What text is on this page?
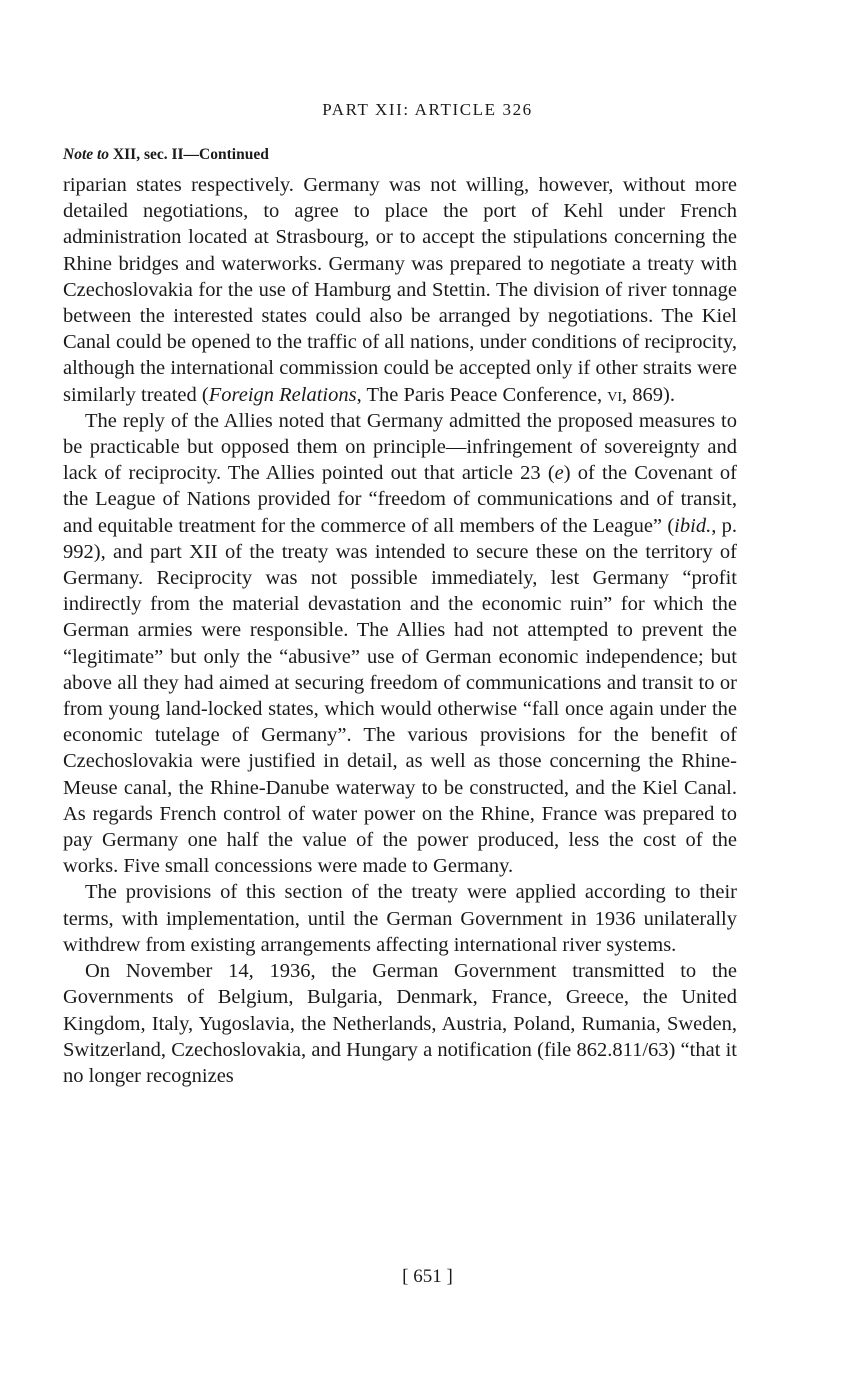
PART XII: ARTICLE 326
Note to XII, sec. II—Continued

riparian states respectively. Germany was not willing, however, without more detailed negotiations, to agree to place the port of Kehl under French administration located at Strasbourg, or to accept the stipulations concerning the Rhine bridges and waterworks. Germany was prepared to negotiate a treaty with Czechoslovakia for the use of Hamburg and Stettin. The division of river tonnage between the interested states could also be arranged by negotiations. The Kiel Canal could be opened to the traffic of all nations, under conditions of reciprocity, although the international commission could be accepted only if other straits were similarly treated (Foreign Relations, The Paris Peace Conference, vi, 869).

The reply of the Allies noted that Germany admitted the proposed measures to be practicable but opposed them on principle—infringement of sovereignty and lack of reciprocity. The Allies pointed out that article 23 (e) of the Covenant of the League of Nations provided for “freedom of communications and of transit, and equitable treatment for the commerce of all members of the League” (ibid., p. 992), and part XII of the treaty was intended to secure these on the territory of Germany. Reciprocity was not possible immediately, lest Germany “profit indirectly from the material devastation and the economic ruin” for which the German armies were responsible. The Allies had not attempted to prevent the “legitimate” but only the “abusive” use of German economic independence; but above all they had aimed at securing freedom of communications and transit to or from young land-locked states, which would otherwise “fall once again under the economic tutelage of Germany”. The various provisions for the benefit of Czechoslovakia were justified in detail, as well as those concerning the Rhine-Meuse canal, the Rhine-Danube waterway to be constructed, and the Kiel Canal. As regards French control of water power on the Rhine, France was prepared to pay Germany one half the value of the power produced, less the cost of the works. Five small concessions were made to Germany.

The provisions of this section of the treaty were applied according to their terms, with implementation, until the German Government in 1936 unilaterally withdrew from existing arrangements affecting international river systems.

On November 14, 1936, the German Government transmitted to the Governments of Belgium, Bulgaria, Denmark, France, Greece, the United Kingdom, Italy, Yugoslavia, the Netherlands, Austria, Poland, Rumania, Sweden, Switzerland, Czechoslovakia, and Hungary a notification (file 862.811/63) “that it no longer recognizes

[ 651 ]
